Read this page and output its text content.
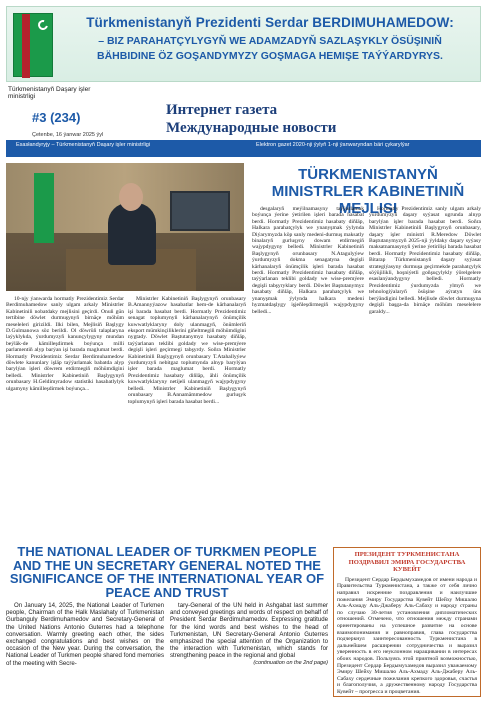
Türkmenistanyň Prezidenti Serdar BERDIMUHAMEDOW:
– BIZ PARAHATÇYLYGYŇ WE ADAMZADYŇ SAZLAŞYKLY ÖSÜŞINIŇ
BÄHBIDINE ÖZ GOŞANDYMYZY GOŞMAGA HEMIŞE TAÝÝARDYRYS.
Türkmenistanyň Daşary işler ministrligi
#3 (234)
Çetenbe, 16 ýanwar 2025 ýyl
Интернет газета
Международные новости
Esasłandyryjy – Türkmenistanyň Daşary işler ministrligi	Elektron gazet 2020-nji ýylyň 1-nji ýanwaryndan bäri çykarylýar
TÜRKMENISTANYŇ MINISTRLER KABINETINIŇ MEJLISI

10-njy ýanwarda hormatly Prezidentimiz Serdar Berdimuhamedow sanly ulgam arkaly Ministrler Kabinetiniň nobatdaky mejlisini geçirdi. Onuň gün tertibine döwlet durmuşynyň birnäçe möhüm meseleleri girizildi. Ilki bilen, Mejlisiň Başlygy D.Gulmanowa söz berildi. Ol döwrüň talaplaryna laýyklykda, ýurdumyzyň kanunçylygyny mundan beýläk-de kämilleşdirmek boýunça milli parlamentiň alyp barýan işi barada maglumat berdi. Hormatly Prezidentimiz Serdar Berdimuhamedow döwlete kanunlary işläp taýýarlamak babatda alyp barylýan işleri döwrem etdirmegiň möhümdigini belledi. Ministrler Kabinetiniň Başlygynyň orunbasary H.Geldimyradow statistiki hasabatlylyk ulgamyny kämilleşdirmek boýunça...

Ministrler Kabinetiniň Başlygynyň orunbasary B.Amannyýazow hasabatlar hem-de kärhanalaryň işi barada hasabat berdi. Hormatly Prezidentimiz senagat toplumynyň kärhanalarynyň önümçilik kuwwatlyklaryny doly ulanmagyň, önümleriň eksport mümkinçiliklerini giňeltmegiň möhümdigini nygtady. Döwlet Baştutanymyz hasabaty diňläp, taýýarlanan teklibi goldady we wise-premýere degişli işleri geçirmegi tabşyrdy. Soňra Ministrler Kabinetiniň Başlygynyň orunbasary T.Atahallyýew ýurdumyzyň nebitgaz toplumynda alnyp barylýan işler barada maglumat berdi. Hormatly Prezidentimiz hasabaty diňläp, ähli önümçilik kuwwatlyklaryny netijeli ulanmagyň wajypdygyny belledi. Ministrler Kabinetiniň Başlygynyň orunbasary B.Annamämmedow gurluşyk toplumynyň işleri barada hasabat berdi...

desgalaryň meýilnamasyny taýýarlamak boýunça ýerine ýetirilen işleri barada hasabat berdi. Hormatly Prezidentimiz hasabaty diňläp, Halkara parahatçylyk we ynanyşmak ýylynda Diýarymyzda köp sanly medeni-durmuş maksatly binalaryň gurluşyny dowam etdirmegiň wajypdygyny belledi. Ministrler Kabinetiniň Başlygynyň orunbasary N.Atagulyýew ýurdumyzyň dokma senagatyna degişli kärhanalaryň önümçilik işleri barada hasabat berdi. Hormatly Prezidentimiz hasabaty diňläp, taýýarlanan teklibi goldady we wise-premýere degişli tabşyryklary berdi. Döwlet Baştutanymyz hasabaty diňläp, Halkara parahatçylyk we ynanyşmak ýylynda halkara medeni hyzmatdaşlygy işjeňleşdirmegiň wajypdygyny belledi...

Hormatly Prezidentimiz sanly ulgam arkaly ýurdumyzyň daşary syýasat ugrunda alnyp barylýan işler barada hasabat berdi. Soňra Ministrler Kabinetiniň Başlygynyň orunbasary, daşary işler ministri R.Meredow Döwlet Baştutanymyzyň 2025-nji ýyldaky daşary syýasy maksatnamasynyň ýerine ýetirilişi barada hasabat berdi. Hormatly Prezidentimiz hasabaty diňläp, Bitarap Türkmenistanyň daşary syýasat strategiýasyny durmuşa geçirmekde parahatçylyk söýüjilikli, hoşniýetli goňşuçylykly ýörelgelere esaslanýandygyny belledi. Hormatly Prezidentimiz ýurdumyzda ylmyň we tehnologiýalaryň ösüşine aýratyn üns berýändigini belledi. Mejlisde döwlet durmuşyna degişli başga-da birnäçe möhüm meselelere garaldy...

THE NATIONAL LEADER OF TURKMEN PEOPLE AND THE UN SECRETARY GENERAL NOTED THE SIGNIFICANCE OF THE INTERNATIONAL YEAR OF PEACE AND TRUST

On January 14, 2025, the National Leader of Turkmen people, Chairman of the Halk Maslahaty of Turkmenistan Gurbanguly Berdimuhamedov and Secretary-General of the United Nations Antonio Guterres had a telephone conversation. Warmly greeting each other, the sides exchanged congratulations and best wishes on the occasion of the New year. During the conversation, the National Leader of Turkmen people shared fond memories of the meeting with Secre-

tary-General of the UN held in Ashgabat last summer and conveyed greetings and words of respect on behalf of President Serdar Berdimuhamedov. Expressing gratitude for the kind words and best wishes to the head of Turkmenistan, UN Secretary-General Antonio Guterres emphasized the special attention of the Organization to the interaction with Turkmenistan, which stands for strengthening peace in the regional and global

(continuation on the 2nd page)
ПРЕЗИДЕНТ ТУРКМЕНИСТАНА ПОЗДРАВИЛ ЭМИРА ГОСУДАРСТВА КУВЕЙТ

Президент Сердар Бердымухамедов от имени народа и Правительства Туркменистана, а также от себя лично направил искренние поздравления и наилучшие пожелания Эмиру Государства Кувейт Шейху Мишалю Аль-Ахмаду Аль-Джаберу Аль-Сабаху и народу страны по случаю 30-летия установления дипломатических отношений. Отмечено, что отношения между странами ориентированы на успешное развитие на основе взаимопонимания и равноправия, глава государства подчеркнул заинтересованность Туркменистана в дальнейшем расширении сотрудничества и выразил уверенность в его неуклонном наращивании в интересах обоих народов. Пользуясь этой приятной возможностью, Президент Сердар Бердымухамедов выразил уважаемому Эмиру Шейху Мишалю Аль-Ахмаду Аль-Джаберу Аль-Сабаху сердечные пожелания крепкого здоровья, счастья и благополучия, а дружественному народу Государства Кувейт – прогресса и процветания.
